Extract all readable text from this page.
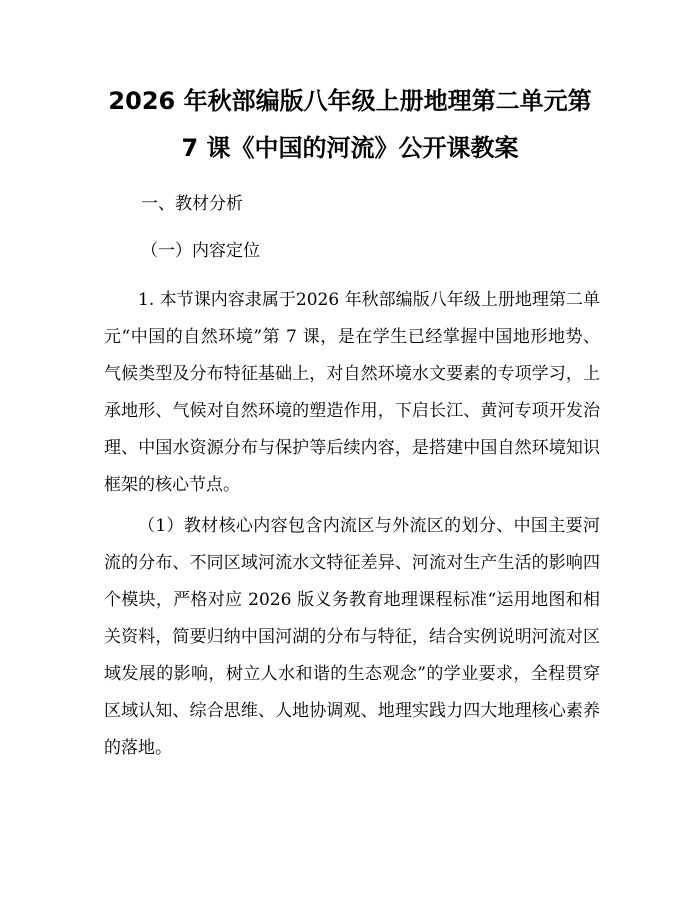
2026 年秋部编版八年级上册地理第二单元第
7 课《中国的河流》公开课教案
一、教材分析
（一）内容定位

1. 本节课内容隶属于2026 年秋部编版八年级上册地理第二单元“中国的自然环境”第 7 课，是在学生已经掌握中国地形地势、气候类型及分布特征基础上，对自然环境水文要素的专项学习，上承地形、气候对自然环境的塑造作用，下启长江、黄河专项开发治理、中国水资源分布与保护等后续内容，是搭建中国自然环境知识框架的核心节点。

（1）教材核心内容包含内流区与外流区的划分、中国主要河流的分布、不同区域河流水文特征差异、河流对生产生活的影响四个模块，严格对应 2026 版义务教育地理课程标准“运用地图和相关资料，简要归纳中国河湖的分布与特征，结合实例说明河流对区域发展的影响，树立人水和谐的生态观念”的学业要求，全程贯穿区域认知、综合思维、人地协调观、地理实践力四大地理核心素养的落地。
